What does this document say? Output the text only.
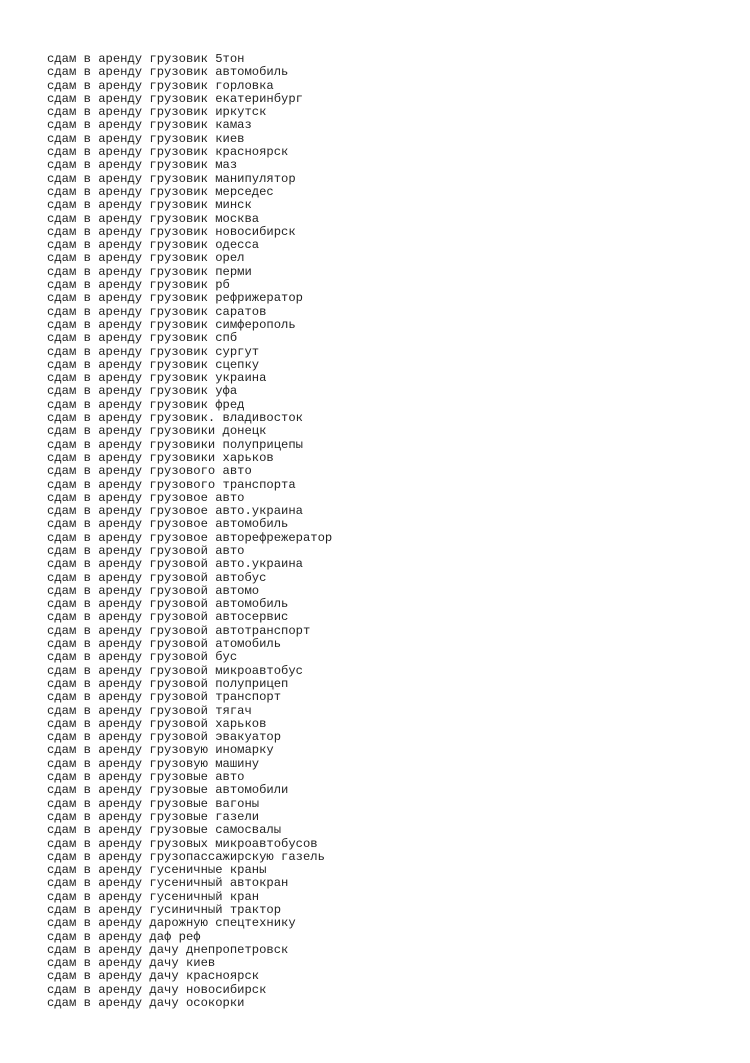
сдам в аренду грузовик 5тон
сдам в аренду грузовик автомобиль
сдам в аренду грузовик горловка
сдам в аренду грузовик екатеринбург
сдам в аренду грузовик иркутск
сдам в аренду грузовик камаз
сдам в аренду грузовик киев
сдам в аренду грузовик красноярск
сдам в аренду грузовик маз
сдам в аренду грузовик манипулятор
сдам в аренду грузовик мерседес
сдам в аренду грузовик минск
сдам в аренду грузовик москва
сдам в аренду грузовик новосибирск
сдам в аренду грузовик одесса
сдам в аренду грузовик орел
сдам в аренду грузовик перми
сдам в аренду грузовик рб
сдам в аренду грузовик рефрижератор
сдам в аренду грузовик саратов
сдам в аренду грузовик симферополь
сдам в аренду грузовик спб
сдам в аренду грузовик сургут
сдам в аренду грузовик сцепку
сдам в аренду грузовик украина
сдам в аренду грузовик уфа
сдам в аренду грузовик фред
сдам в аренду грузовик. владивосток
сдам в аренду грузовики донецк
сдам в аренду грузовики полуприцепы
сдам в аренду грузовики харьков
сдам в аренду грузового авто
сдам в аренду грузового транспорта
сдам в аренду грузовое авто
сдам в аренду грузовое авто.украина
сдам в аренду грузовое автомобиль
сдам в аренду грузовое авторефрежератор
сдам в аренду грузовой авто
сдам в аренду грузовой авто.украина
сдам в аренду грузовой автобус
сдам в аренду грузовой автомо
сдам в аренду грузовой автомобиль
сдам в аренду грузовой автосервис
сдам в аренду грузовой автотранспорт
сдам в аренду грузовой атомобиль
сдам в аренду грузовой бус
сдам в аренду грузовой микроавтобус
сдам в аренду грузовой полуприцеп
сдам в аренду грузовой транспорт
сдам в аренду грузовой тягач
сдам в аренду грузовой харьков
сдам в аренду грузовой эвакуатор
сдам в аренду грузовую иномарку
сдам в аренду грузовую машину
сдам в аренду грузовые авто
сдам в аренду грузовые автомобили
сдам в аренду грузовые вагоны
сдам в аренду грузовые газели
сдам в аренду грузовые самосвалы
сдам в аренду грузовых микроавтобусов
сдам в аренду грузопассажирскую газель
сдам в аренду гусеничные краны
сдам в аренду гусеничный автокран
сдам в аренду гусеничный кран
сдам в аренду гусиничный трактор
сдам в аренду дарожную спецтехнику
сдам в аренду даф реф
сдам в аренду дачу днепропетровск
сдам в аренду дачу киев
сдам в аренду дачу красноярск
сдам в аренду дачу новосибирск
сдам в аренду дачу осокорки
